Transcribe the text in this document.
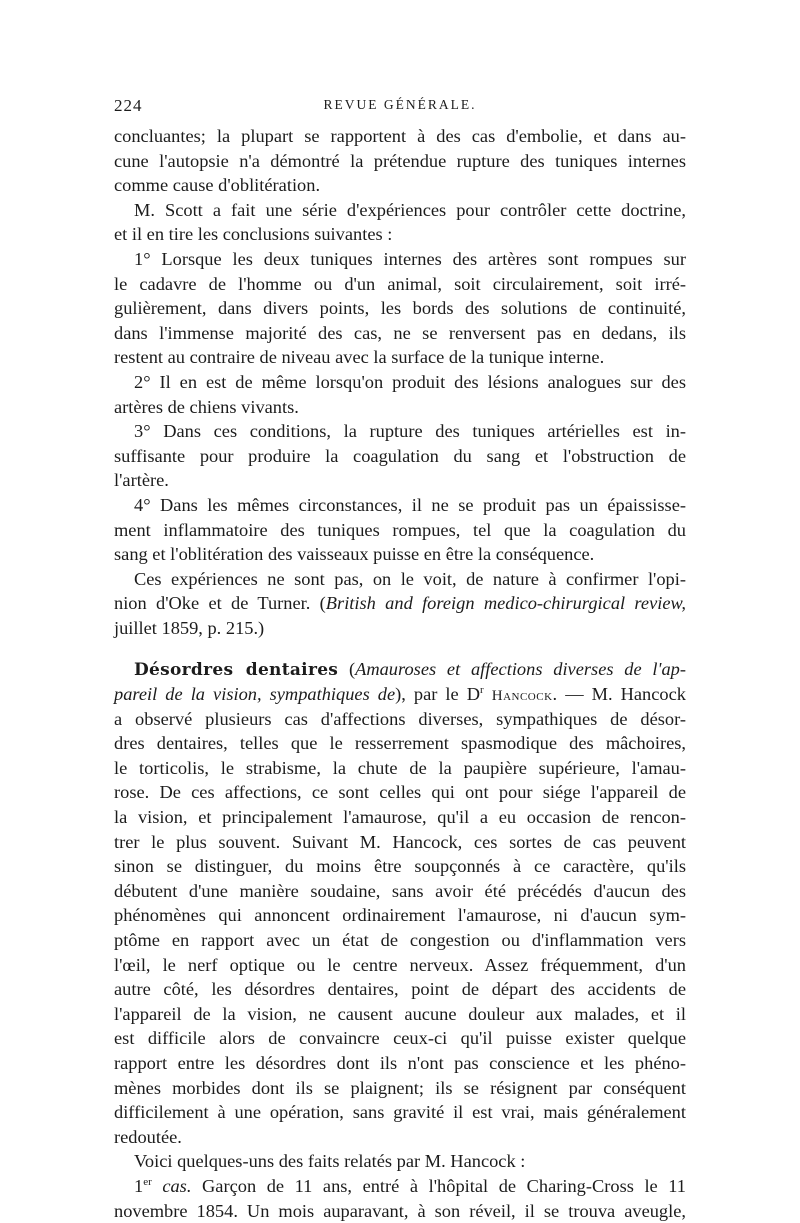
224	REVUE GÉNÉRALE.
concluantes; la plupart se rapportent à des cas d'embolie, et dans au-
cune l'autopsie n'a démontré la prétendue rupture des tuniques internes
comme cause d'oblitération.
M. Scott a fait une série d'expériences pour contrôler cette doctrine,
et il en tire les conclusions suivantes :
1° Lorsque les deux tuniques internes des artères sont rompues sur
le cadavre de l'homme ou d'un animal, soit circulairement, soit irré-
gulièrement, dans divers points, les bords des solutions de continuité,
dans l'immense majorité des cas, ne se renversent pas en dedans, ils
restent au contraire de niveau avec la surface de la tunique interne.
2° Il en est de même lorsqu'on produit des lésions analogues sur des
artères de chiens vivants.
3° Dans ces conditions, la rupture des tuniques artérielles est in-
suffisante pour produire la coagulation du sang et l'obstruction de
l'artère.
4° Dans les mêmes circonstances, il ne se produit pas un épaississe-
ment inflammatoire des tuniques rompues, tel que la coagulation du
sang et l'oblitération des vaisseaux puisse en être la conséquence.
Ces expériences ne sont pas, on le voit, de nature à confirmer l'opi-
nion d'Oke et de Turner. (British and foreign medico-chirurgical review,
juillet 1859, p. 215.)
Désordres dentaires (Amauroses et affections diverses de l'ap-
pareil de la vision, sympathiques de), par le $D^r$ Hancock. — M. Hancock
a observé plusieurs cas d'affections diverses, sympathiques de désor-
dres dentaires, telles que le resserrement spasmodique des mâchoires,
le torticolis, le strabisme, la chute de la paupière supérieure, l'amau-
rose. De ces affections, ce sont celles qui ont pour siége l'appareil de
la vision, et principalement l'amaurose, qu'il a eu occasion de rencon-
trer le plus souvent. Suivant M. Hancock, ces sortes de cas peuvent
sinon se distinguer, du moins être soupçonnés à ce caractère, qu'ils
débutent d'une manière soudaine, sans avoir été précédés d'aucun des
phénomènes qui annoncent ordinairement l'amaurose, ni d'aucun sym-
ptôme en rapport avec un état de congestion ou d'inflammation vers
l'œil, le nerf optique ou le centre nerveux. Assez fréquemment, d'un
autre côté, les désordres dentaires, point de départ des accidents de
l'appareil de la vision, ne causent aucune douleur aux malades, et il
est difficile alors de convaincre ceux-ci qu'il puisse exister quelque
rapport entre les désordres dont ils n'ont pas conscience et les phéno-
mènes morbides dont ils se plaignent; ils se résignent par conséquent
difficilement à une opération, sans gravité il est vrai, mais généralement
redoutée.
Voici quelques-uns des faits relatés par M. Hancock :
1er cas. Garçon de 11 ans, entré à l'hôpital de Charing-Cross le 11
novembre 1854. Un mois auparavant, à son réveil, il se trouva aveugle,
